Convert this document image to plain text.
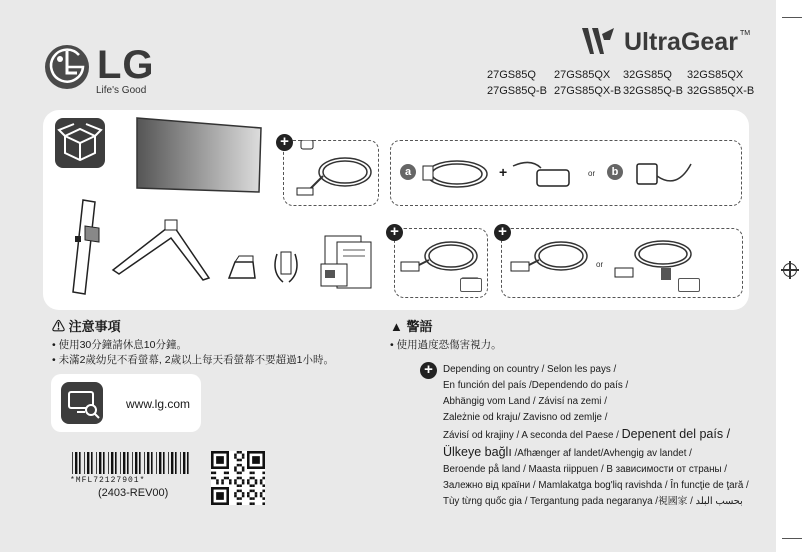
LG
Life's Good
UltraGear TM
27GS85Q 27GS85QX 32GS85Q 32GS85QX
27GS85Q-B 27GS85QX-B 32GS85Q-B 32GS85QX-B
+
a	+	or	b
+	+
or
⚠ 注意事項
• 使用30分鐘請休息10分鐘。
• 未滿2歲幼兒不看螢幕, 2歲以上每天看螢幕不要超過1小時。
▲ 警語
• 使用過度恐傷害視力。
www.lg.com
*MFL72127901*
(2403-REV00)
+	Depending on country / Selon les pays /
En función del país /Dependendo do país /
Abhängig vom Land / Závisí na zemi /
Zależnie od kraju/ Zavisno od zemlje /
Závisí od krajiny / A seconda del Paese / Depenent del país /
Ülkeye bağlı /Afhænger af landet/Avhengig av landet /
Beroende på land / Maasta riippuen / В зависимости от страны /
Залежно від країни / Mamlakatga bog'liq ravishda / În funcţie de ţară /
Tùy từng quốc gia / Tergantung pada negaranya /視國家 / بحسب البلد
